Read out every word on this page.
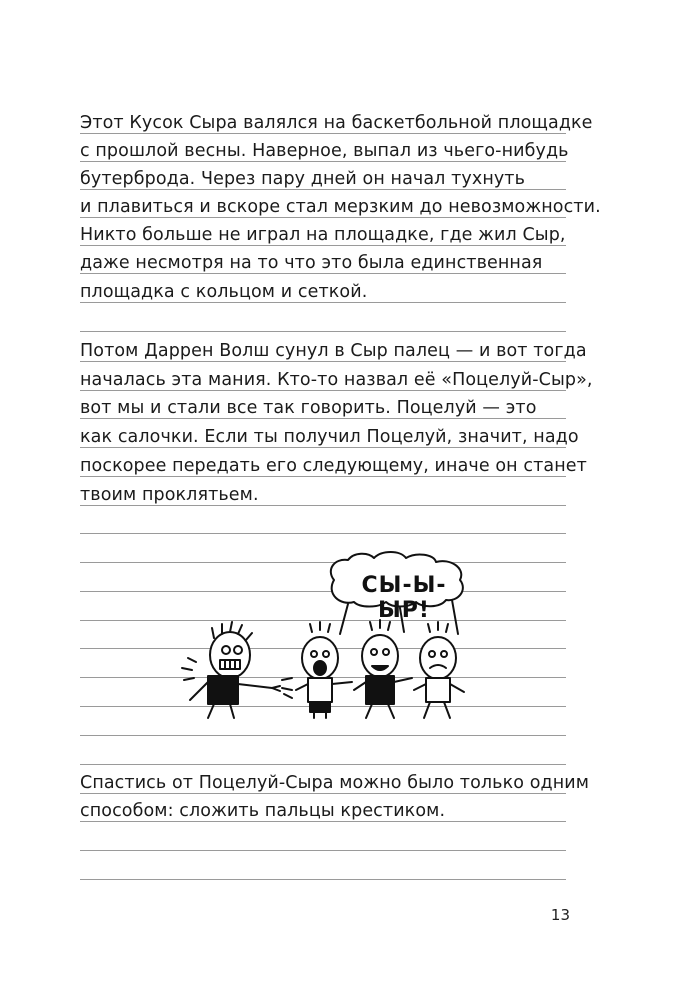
Этот Кусок Сыра валялся на баскетбольной площадке
с прошлой весны. Наверное, выпал из чьего-нибудь
бутерброда. Через пару дней он начал тухнуть
и плавиться и вскоре стал мерзким до невозможности.
Никто больше не играл на площадке, где жил Сыр,
даже несмотря на то что это была единственная
площадка с кольцом и сеткой.
Потом Даррен Волш сунул в Сыр палец — и вот тогда
началась эта мания. Кто-то назвал её «Поцелуй-Сыр»,
вот мы и стали все так говорить. Поцелуй — это
как салочки. Если ты получил Поцелуй, значит, надо
поскорее передать его следующему, иначе он станет
твоим проклятьем.
СЫ-Ы-ЫР!
Спастись от Поцелуй-Сыра можно было только одним
способом: сложить пальцы крестиком.
13
